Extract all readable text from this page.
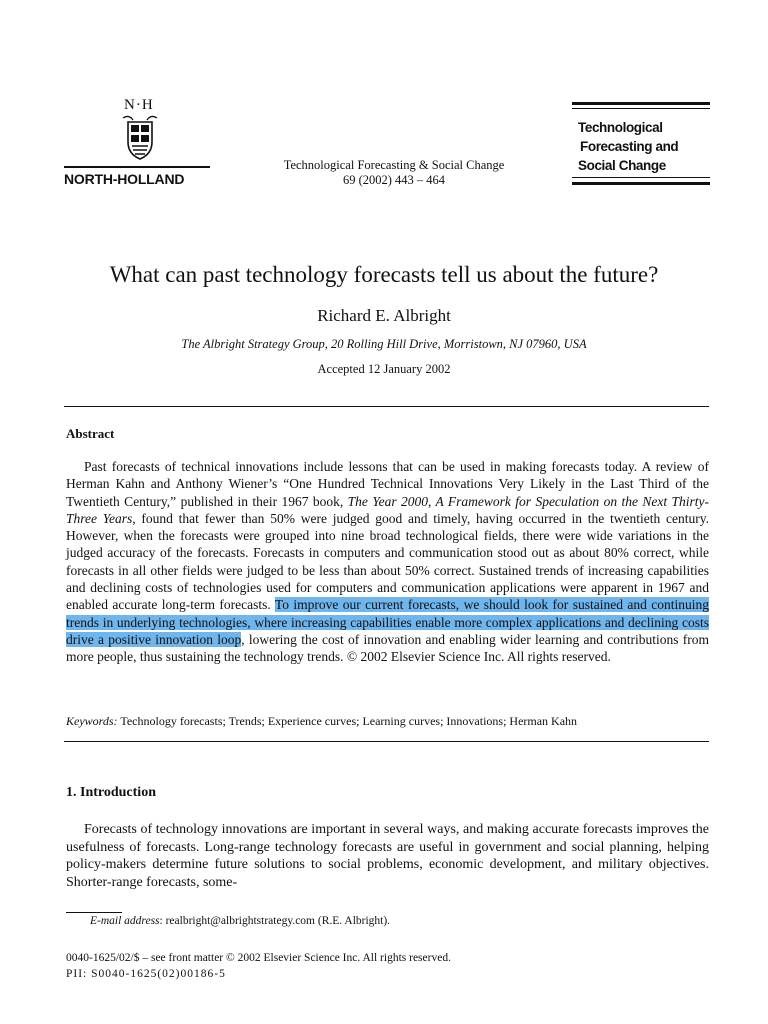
N·H
NORTH-HOLLAND
Technological Forecasting & Social Change
69 (2002) 443 – 464
Technological
Forecasting and
Social Change
What can past technology forecasts tell us about the future?
Richard E. Albright
The Albright Strategy Group, 20 Rolling Hill Drive, Morristown, NJ 07960, USA
Accepted 12 January 2002
Abstract

Past forecasts of technical innovations include lessons that can be used in making forecasts today. A review of Herman Kahn and Anthony Wiener’s “One Hundred Technical Innovations Very Likely in the Last Third of the Twentieth Century,” published in their 1967 book, The Year 2000, A Framework for Speculation on the Next Thirty-Three Years, found that fewer than 50% were judged good and timely, having occurred in the twentieth century. However, when the forecasts were grouped into nine broad technological fields, there were wide variations in the judged accuracy of the forecasts. Forecasts in computers and communication stood out as about 80% correct, while forecasts in all other fields were judged to be less than about 50% correct. Sustained trends of increasing capabilities and declining costs of technologies used for computers and communication applications were apparent in 1967 and enabled accurate long-term forecasts. To improve our current forecasts, we should look for sustained and continuing trends in underlying technologies, where increasing capabilities enable more complex applications and declining costs drive a positive innovation loop, lowering the cost of innovation and enabling wider learning and contributions from more people, thus sustaining the technology trends. © 2002 Elsevier Science Inc. All rights reserved.

Keywords: Technology forecasts; Trends; Experience curves; Learning curves; Innovations; Herman Kahn
1. Introduction

Forecasts of technology innovations are important in several ways, and making accurate forecasts improves the usefulness of forecasts. Long-range technology forecasts are useful in government and social planning, helping policy-makers determine future solutions to social problems, economic development, and military objectives. Shorter-range forecasts, some-

E-mail address: realbright@albrightstrategy.com (R.E. Albright).
0040-1625/02/$ – see front matter © 2002 Elsevier Science Inc. All rights reserved.
PII: S0040-1625(02)00186-5
